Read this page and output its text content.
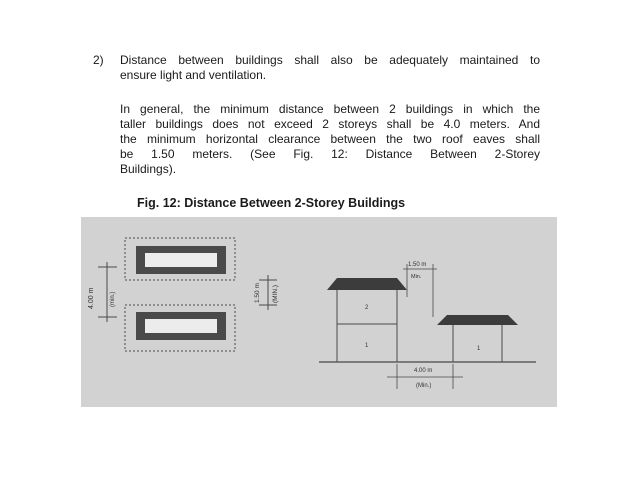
2) Distance between buildings shall also be adequately maintained to
ensure light and ventilation.

In general, the minimum distance between 2 buildings in which the
taller buildings does not exceed 2 storeys shall be 4.0 meters. And
the minimum horizontal clearance between the two roof eaves shall
be 1.50 meters. (See Fig. 12: Distance Between 2-Storey
Buildings).

Fig. 12: Distance Between 2-Storey Buildings

4.00 m	(min.)	1.50 m (MIN.)
1.50 m
Min.
2
1	1
4.00 m
(Min.)
